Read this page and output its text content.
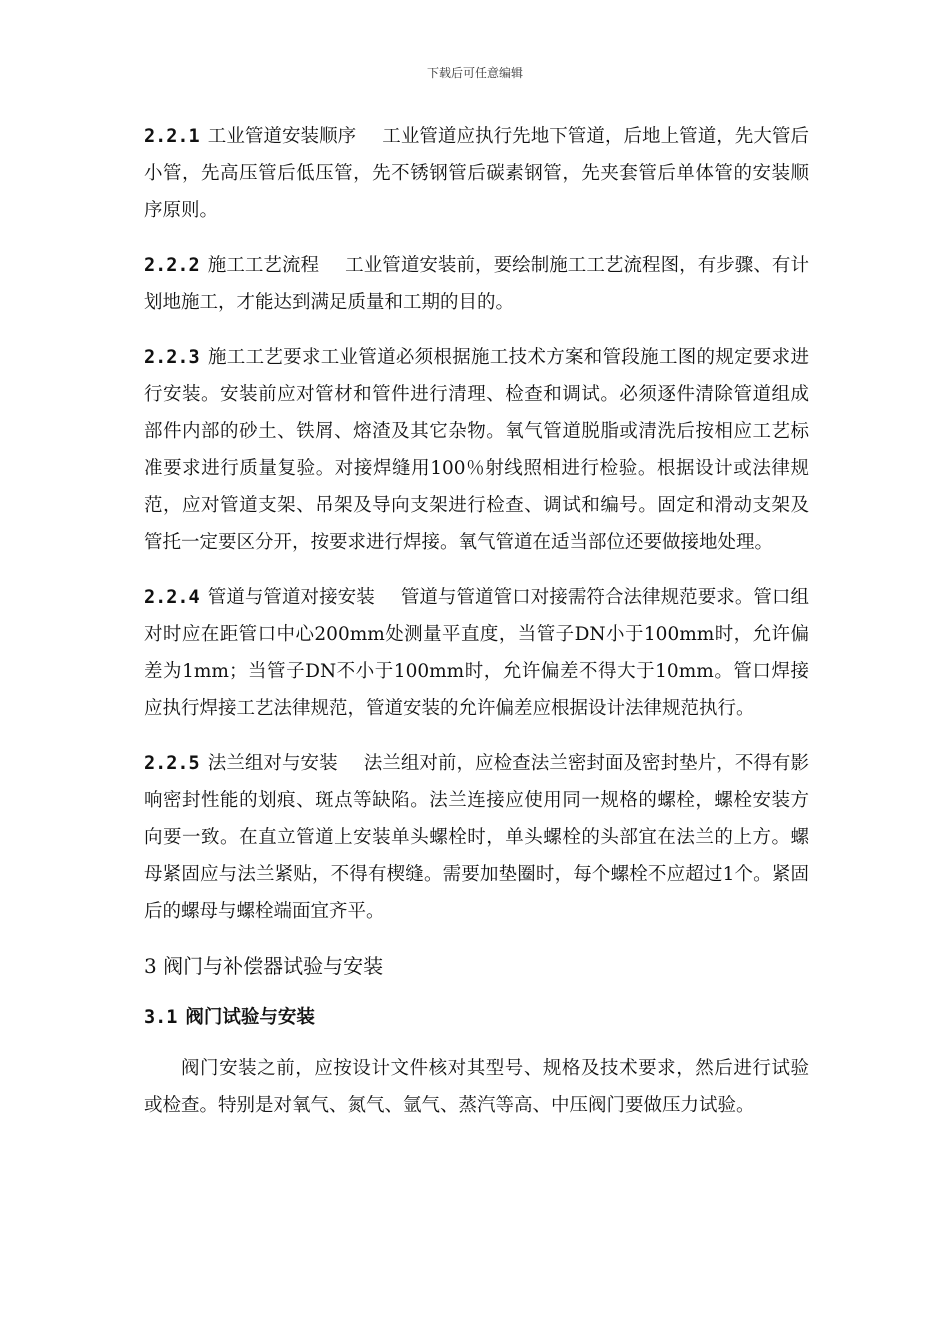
下载后可任意编辑

2.2.1 工业管道安装顺序 工业管道应执行先地下管道，后地上管道，先大管后小管，先高压管后低压管，先不锈钢管后碳素钢管，先夹套管后单体管的安装顺序原则。

2.2.2 施工工艺流程 工业管道安装前，要绘制施工工艺流程图，有步骤、有计划地施工，才能达到满足质量和工期的目的。

2.2.3 施工工艺要求工业管道必须根据施工技术方案和管段施工图的规定要求进行安装。安装前应对管材和管件进行清理、检查和调试。必须逐件清除管道组成部件内部的砂土、铁屑、熔渣及其它杂物。氧气管道脱脂或清洗后按相应工艺标准要求进行质量复验。对接焊缝用100％射线照相进行检验。根据设计或法律规范，应对管道支架、吊架及导向支架进行检查、调试和编号。固定和滑动支架及管托一定要区分开，按要求进行焊接。氧气管道在适当部位还要做接地处理。

2.2.4 管道与管道对接安装 管道与管道管口对接需符合法律规范要求。管口组对时应在距管口中心200mm处测量平直度，当管子DN小于100mm时，允许偏差为1mm；当管子DN不小于100mm时，允许偏差不得大于10mm。管口焊接应执行焊接工艺法律规范，管道安装的允许偏差应根据设计法律规范执行。

2.2.5 法兰组对与安装 法兰组对前，应检查法兰密封面及密封垫片，不得有影响密封性能的划痕、斑点等缺陷。法兰连接应使用同一规格的螺栓，螺栓安装方向要一致。在直立管道上安装单头螺栓时，单头螺栓的头部宜在法兰的上方。螺母紧固应与法兰紧贴，不得有楔缝。需要加垫圈时，每个螺栓不应超过1个。紧固后的螺母与螺栓端面宜齐平。

3 阀门与补偿器试验与安装
3.1 阀门试验与安装

阀门安装之前，应按设计文件核对其型号、规格及技术要求，然后进行试验或检查。特别是对氧气、氮气、氩气、蒸汽等高、中压阀门要做压力试验。
